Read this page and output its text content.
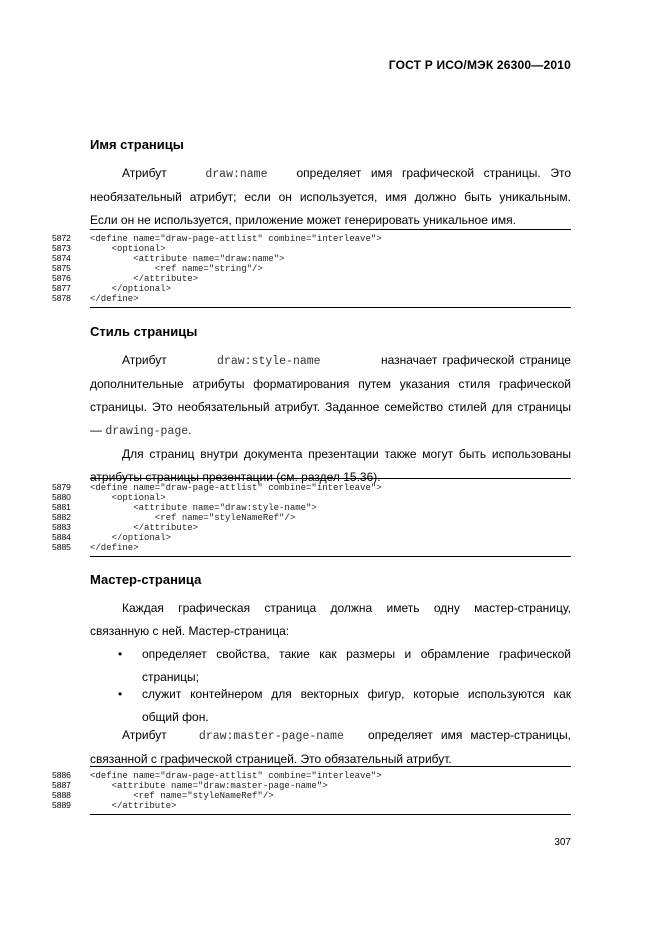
ГОСТ Р ИСО/МЭК 26300—2010
Имя страницы
Атрибут	draw:name определяет имя графической страницы. Это
необязательный атрибут; если он используется, имя должно быть уникальным.
Если он не используется, приложение может генерировать уникальное имя.
5872 <define name="draw-page-attlist" combine="interleave">
5873    <optional>
5874        <attribute name="draw:name">
5875            <ref name="string"/>
5876        </attribute>
5877    </optional>
5878 </define>
Стиль страницы
Атрибут	draw:style-name	назначает графической странице
дополнительные атрибуты форматирования путем указания стиля графической
страницы. Это необязательный атрибут. Заданное семейство стилей для страницы
— drawing-page.
Для страниц внутри документа презентации также могут быть использованы
атрибуты страницы презентации (см. раздел 15.36).
5879 <define name="draw-page-attlist" combine="interleave">
5880    <optional>
5881        <attribute name="draw:style-name">
5882            <ref name="styleNameRef"/>
5883        </attribute>
5884    </optional>
5885 </define>
Мастер-страница
Каждая графическая страница должна иметь одну мастер-страницу,
связанную с ней. Мастер-страница:
• определяет свойства, такие как размеры и обрамление графической
страницы;
• служит контейнером для векторных фигур, которые используются как
общий фон.
Атрибут	draw:master-page-name определяет имя мастер-страницы,
связанной с графической страницей. Это обязательный атрибут.
5886 <define name="draw-page-attlist" combine="interleave">
5887    <attribute name="draw:master-page-name">
5888        <ref name="styleNameRef"/>
5889    </attribute>
307
